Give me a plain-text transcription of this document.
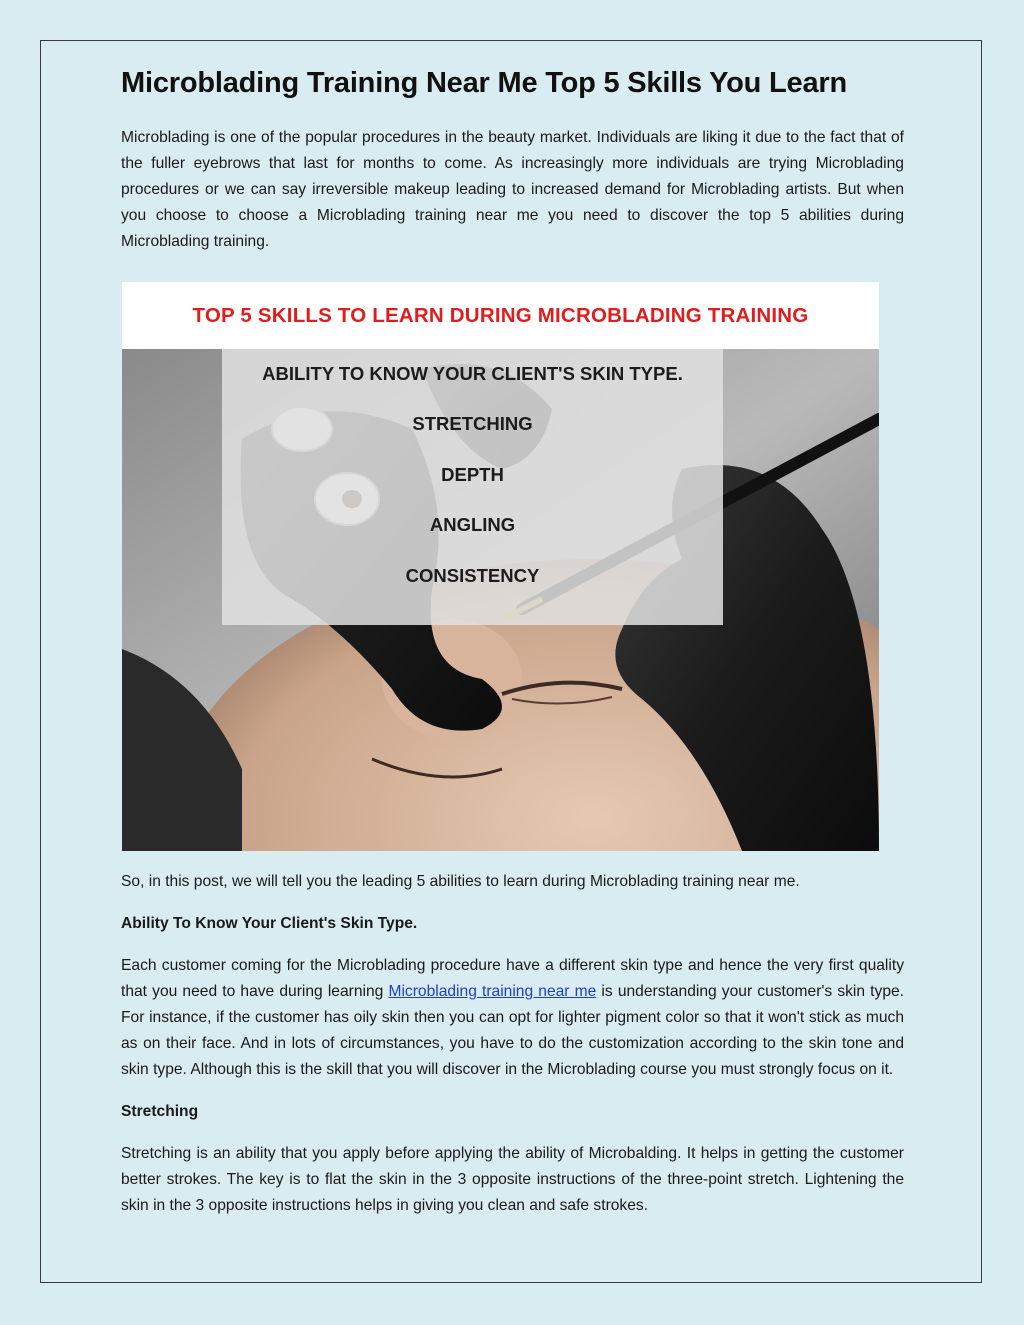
Microblading Training Near Me Top 5 Skills You Learn

Microblading is one of the popular procedures in the beauty market. Individuals are liking it due to the fact that of the fuller eyebrows that last for months to come. As increasingly more individuals are trying Microblading procedures or we can say irreversible makeup leading to increased demand for Microblading artists. But when you choose to choose a Microblading training near me you need to discover the top 5 abilities during Microblading training.

TOP 5 SKILLS TO LEARN DURING MICROBLADING TRAINING
ABILITY TO KNOW YOUR CLIENT'S SKIN TYPE.
STRETCHING
DEPTH
ANGLING
CONSISTENCY

So, in this post, we will tell you the leading 5 abilities to learn during Microblading training near me.

Ability To Know Your Client's Skin Type.

Each customer coming for the Microblading procedure have a different skin type and hence the very first quality that you need to have during learning Microblading training near me is understanding your customer's skin type. For instance, if the customer has oily skin then you can opt for lighter pigment color so that it won't stick as much as on their face. And in lots of circumstances, you have to do the customization according to the skin tone and skin type. Although this is the skill that you will discover in the Microblading course you must strongly focus on it.

Stretching

Stretching is an ability that you apply before applying the ability of Microbalding. It helps in getting the customer better strokes. The key is to flat the skin in the 3 opposite instructions of the three-point stretch. Lightening the skin in the 3 opposite instructions helps in giving you clean and safe strokes.
